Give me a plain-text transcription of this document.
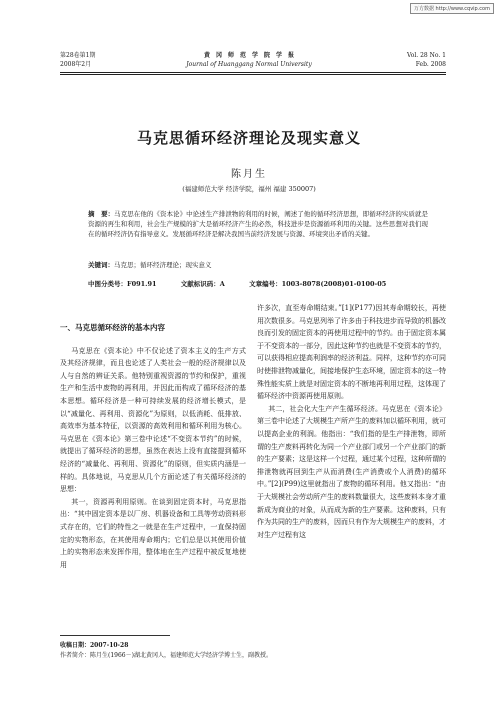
万方数据 http://www.cqvip.com
第28卷第1期
2008年2月
黄　冈　师　范　学　院　学　报
Journal of Huanggang Normal University
Vol. 28 No. 1
Feb. 2008
马克思循环经济理论及现实意义
陈月生
(福建师范大学 经济学院，福州 福建 350007)
摘　要：马克思在他的《资本论》中论述生产排泄物的利用的时候，阐述了他的循环经济思想，即循环经济的实质就是资源的再生和利用，社会生产规模的扩大是循环经济产生的必然，科技进步是资源循环利用的关键。这些思想对我们现在的循环经济仍有指导意义。发展循环经济是解决我国当前经济发展与资源、环境突出矛盾的关键。
关键词：马克思；循环经济理论；现实意义
中图分类号：F091.91	文献标识码：A	文章编号：1003-8078(2008)01-0100-05
一、马克思循环经济的基本内容

马克思在《资本论》中不仅论述了资本主义的生产方式及其经济规律，而且也论述了人类社会一般的经济规律以及人与自然的辨证关系。他特别重视资源的节约和保护，重视生产和生活中废物的再利用，并因此而构成了循环经济的基本思想。循环经济是一种可持续发展的经济增长模式，是以“减量化、再利用、资源化”为原则，以低消耗、低排放、高效率为基本特征，以资源的高效利用和循环利用为核心。马克思在《资本论》第三卷中论述“不变资本节约”的时候，就提出了循环经济的思想，虽然在表达上没有直接提到循环经济的“减量化、再利用、资源化”的原则，但实质内涵是一样的。具体地说，马克思从几个方面论述了有关循环经济的思想：

其一，资源再利用原则。在谈到固定资本时，马克思指出：“其中固定资本是以厂房、机器设备和工具等劳动资料形式存在的，它们的特性之一就是在生产过程中，一直保持固定的实物形态，在其使用寿命期内；它们总是以其使用价值上的实物形态来发挥作用，整体地在生产过程中被反复地使用

许多次，直至寿命期结束。”[1](P177)因其寿命期较长，再使用次数很多。马克思列举了许多由于科技进步而导致的机器改良而引发的固定资本的再使用过程中的节约。由于固定资本属于不变资本的一部分，因此这种节约也就是不变资本的节约，可以获得相应提高利润率的经济利益。同样，这种节约亦可同时使排泄物减量化，间接地保护生态环境，固定资本的这一特殊性能实质上就是对固定资本的不断地再利用过程，这体现了循环经济中资源再使用原则。

其二，社会化大生产产生循环经济。马克思在《资本论》第三卷中论述了大规模生产所产生的废料加以循环利用，就可以提高企业的利润。他指出：“我们指的是生产排泄物，即所谓的生产废料再转化为同一个产业部门或另一个产业部门的新的生产要素；这是这样一个过程，通过某个过程，这种所谓的排泄物就再回到生产从而消费(生产消费或个人消费)的循环中。”[2](P99)这里就指出了废物的循环利用。他又指出：“由于大规模社会劳动所产生的废料数量很大，这些废料本身才重新成为商业的对象，从而成为新的生产要素。这种废料，只有作为共同的生产的废料，因而只有作为大规模生产的废料，才对生产过程有这

收稿日期：2007-10-28
作者简介：陈月生(1966－)湖北黄冈人，福建师范大学经济学博士生，副教授。
